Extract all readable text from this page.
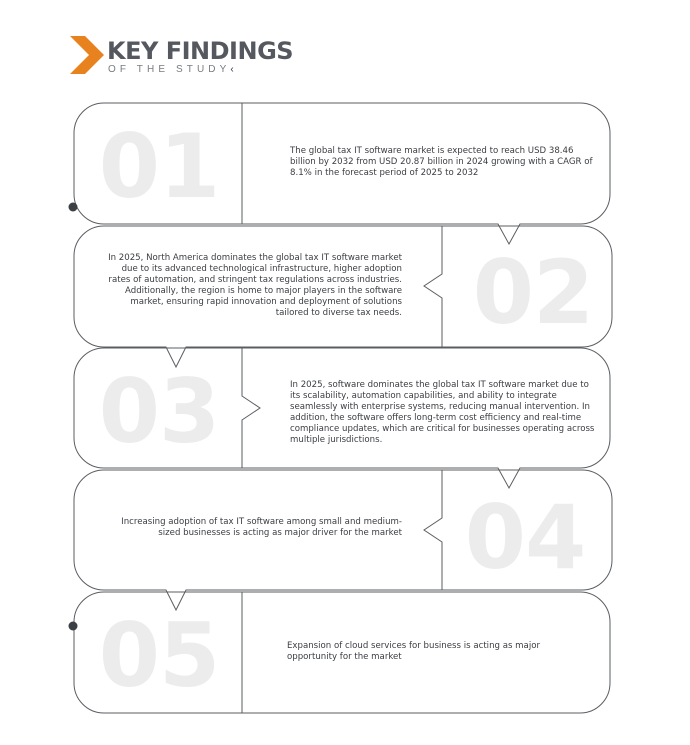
KEY FINDINGS
OF THE STUDY‹
01	The global tax IT software market is expected to reach USD 38.46 billion by 2032 from USD 20.87 billion in 2024 growing with a CAGR of 8.1% in the forecast period of 2025 to 2032

In 2025, North America dominates the global tax IT software market due to its advanced technological infrastructure, higher adoption rates of automation, and stringent tax regulations across industries. Additionally, the region is home to major players in the software market, ensuring rapid innovation and deployment of solutions tailored to diverse tax needs. 02
03	In 2025, software dominates the global tax IT software market due to its scalability, automation capabilities, and ability to integrate seamlessly with enterprise systems, reducing manual intervention. In addition, the software offers long-term cost efficiency and real-time compliance updates, which are critical for businesses operating across multiple jurisdictions.

Increasing adoption of tax IT software among small and medium-sized businesses is acting as major driver for the market 04
05	Expansion of cloud services for business is acting as major opportunity for the market
